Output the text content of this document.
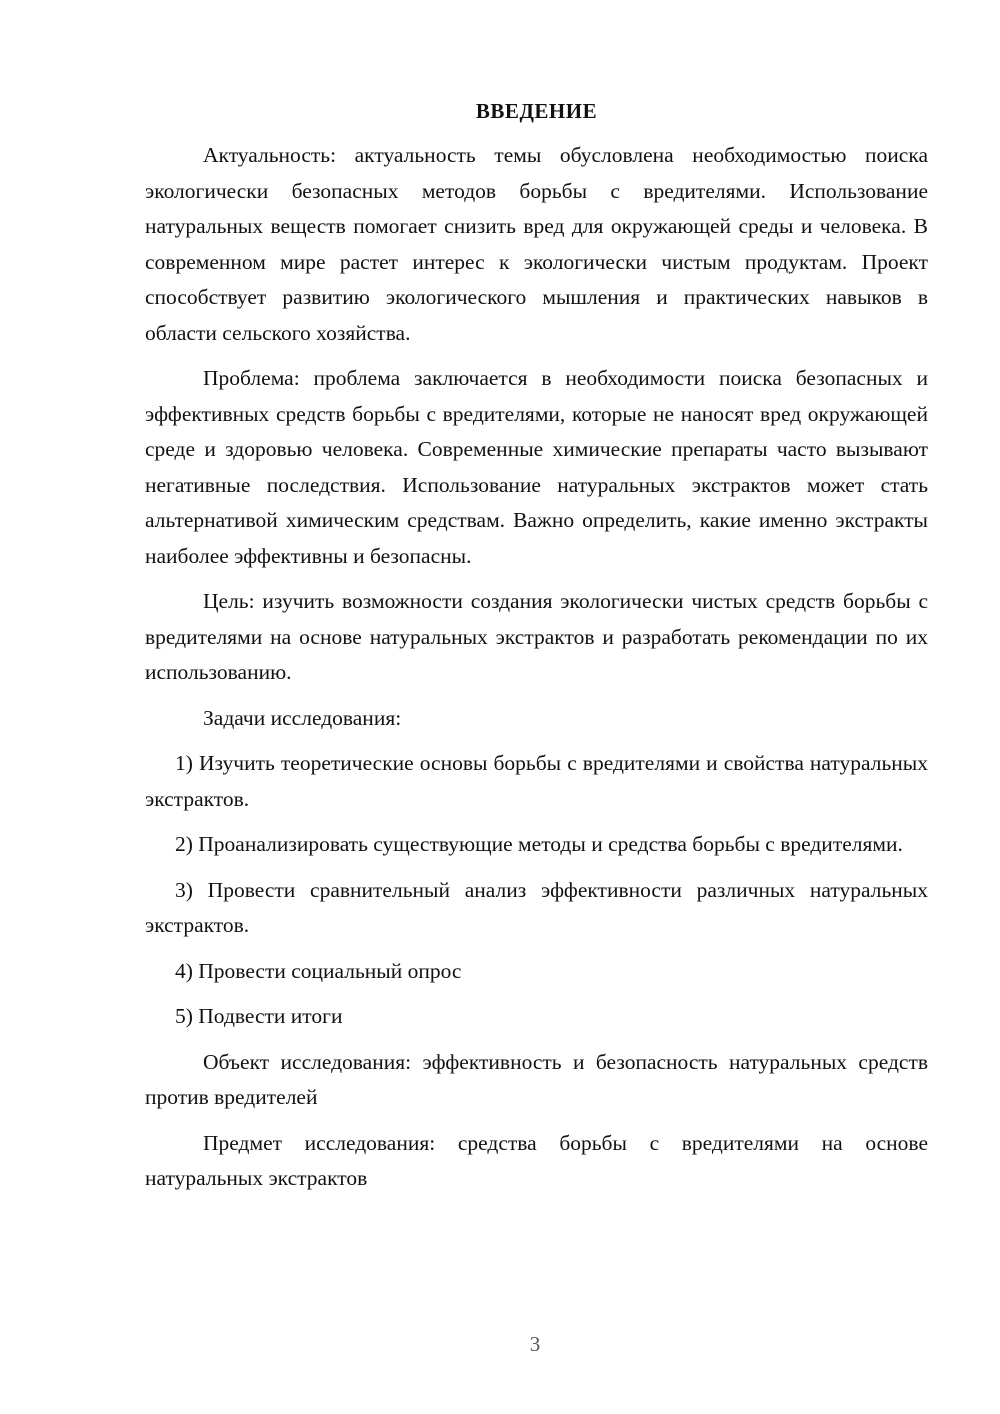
ВВЕДЕНИЕ

Актуальность: актуальность темы обусловлена необходимостью поиска экологически безопасных методов борьбы с вредителями. Использование натуральных веществ помогает снизить вред для окружающей среды и человека. В современном мире растет интерес к экологически чистым продуктам. Проект способствует развитию экологического мышления и практических навыков в области сельского хозяйства.

Проблема: проблема заключается в необходимости поиска безопасных и эффективных средств борьбы с вредителями, которые не наносят вред окружающей среде и здоровью человека. Современные химические препараты часто вызывают негативные последствия. Использование натуральных экстрактов может стать альтернативой химическим средствам. Важно определить, какие именно экстракты наиболее эффективны и безопасны.

Цель: изучить возможности создания экологически чистых средств борьбы с вредителями на основе натуральных экстрактов и разработать рекомендации по их использованию.

Задачи исследования:

1) Изучить теоретические основы борьбы с вредителями и свойства натуральных экстрактов.

2) Проанализировать существующие методы и средства борьбы с вредителями.

3) Провести сравнительный анализ эффективности различных натуральных экстрактов.

4) Провести социальный опрос

5) Подвести итоги

Объект исследования: эффективность и безопасность натуральных средств против вредителей

Предмет исследования: средства борьбы с вредителями на основе натуральных экстрактов

3
